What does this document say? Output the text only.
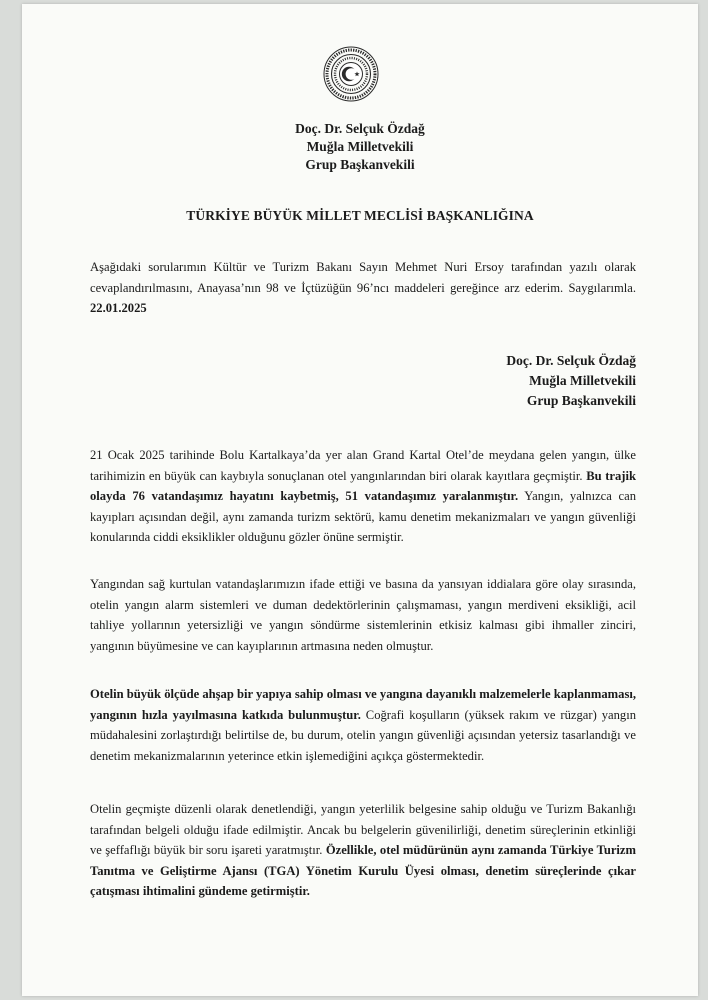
Doç. Dr. Selçuk Özdağ
Muğla Milletvekili
Grup Başkanvekili
TÜRKİYE BÜYÜK MİLLET MECLİSİ BAŞKANLIĞINA
Aşağıdaki sorularımın Kültür ve Turizm Bakanı Sayın Mehmet Nuri Ersoy tarafından yazılı olarak cevaplandırılmasını, Anayasa’nın 98 ve İçtüzüğün 96’ncı maddeleri gereğince arz ederim. Saygılarımla. 22.01.2025
Doç. Dr. Selçuk Özdağ
Muğla Milletvekili
Grup Başkanvekili
21 Ocak 2025 tarihinde Bolu Kartalkaya’da yer alan Grand Kartal Otel’de meydana gelen yangın, ülke tarihimizin en büyük can kaybıyla sonuçlanan otel yangınlarından biri olarak kayıtlara geçmiştir. Bu trajik olayda 76 vatandaşımız hayatını kaybetmiş, 51 vatandaşımız yaralanmıştır. Yangın, yalnızca can kayıpları açısından değil, aynı zamanda turizm sektörü, kamu denetim mekanizmaları ve yangın güvenliği konularında ciddi eksiklikler olduğunu gözler önüne sermiştir.
Yangından sağ kurtulan vatandaşlarımızın ifade ettiği ve basına da yansıyan iddialara göre olay sırasında, otelin yangın alarm sistemleri ve duman dedektörlerinin çalışmaması, yangın merdiveni eksikliği, acil tahliye yollarının yetersizliği ve yangın söndürme sistemlerinin etkisiz kalması gibi ihmaller zinciri, yangının büyümesine ve can kayıplarının artmasına neden olmuştur.
Otelin büyük ölçüde ahşap bir yapıya sahip olması ve yangına dayanıklı malzemelerle kaplanmaması, yangının hızla yayılmasına katkıda bulunmuştur. Coğrafi koşulların (yüksek rakım ve rüzgar) yangın müdahalesini zorlaştırdığı belirtilse de, bu durum, otelin yangın güvenliği açısından yetersiz tasarlandığı ve denetim mekanizmalarının yeterince etkin işlemediğini açıkça göstermektedir.
Otelin geçmişte düzenli olarak denetlendiği, yangın yeterlilik belgesine sahip olduğu ve Turizm Bakanlığı tarafından belgeli olduğu ifade edilmiştir. Ancak bu belgelerin güvenilirliği, denetim süreçlerinin etkinliği ve şeffaflığı büyük bir soru işareti yaratmıştır. Özellikle, otel müdürünün aynı zamanda Türkiye Turizm Tanıtma ve Geliştirme Ajansı (TGA) Yönetim Kurulu Üyesi olması, denetim süreçlerinde çıkar çatışması ihtimalini gündeme getirmiştir.
